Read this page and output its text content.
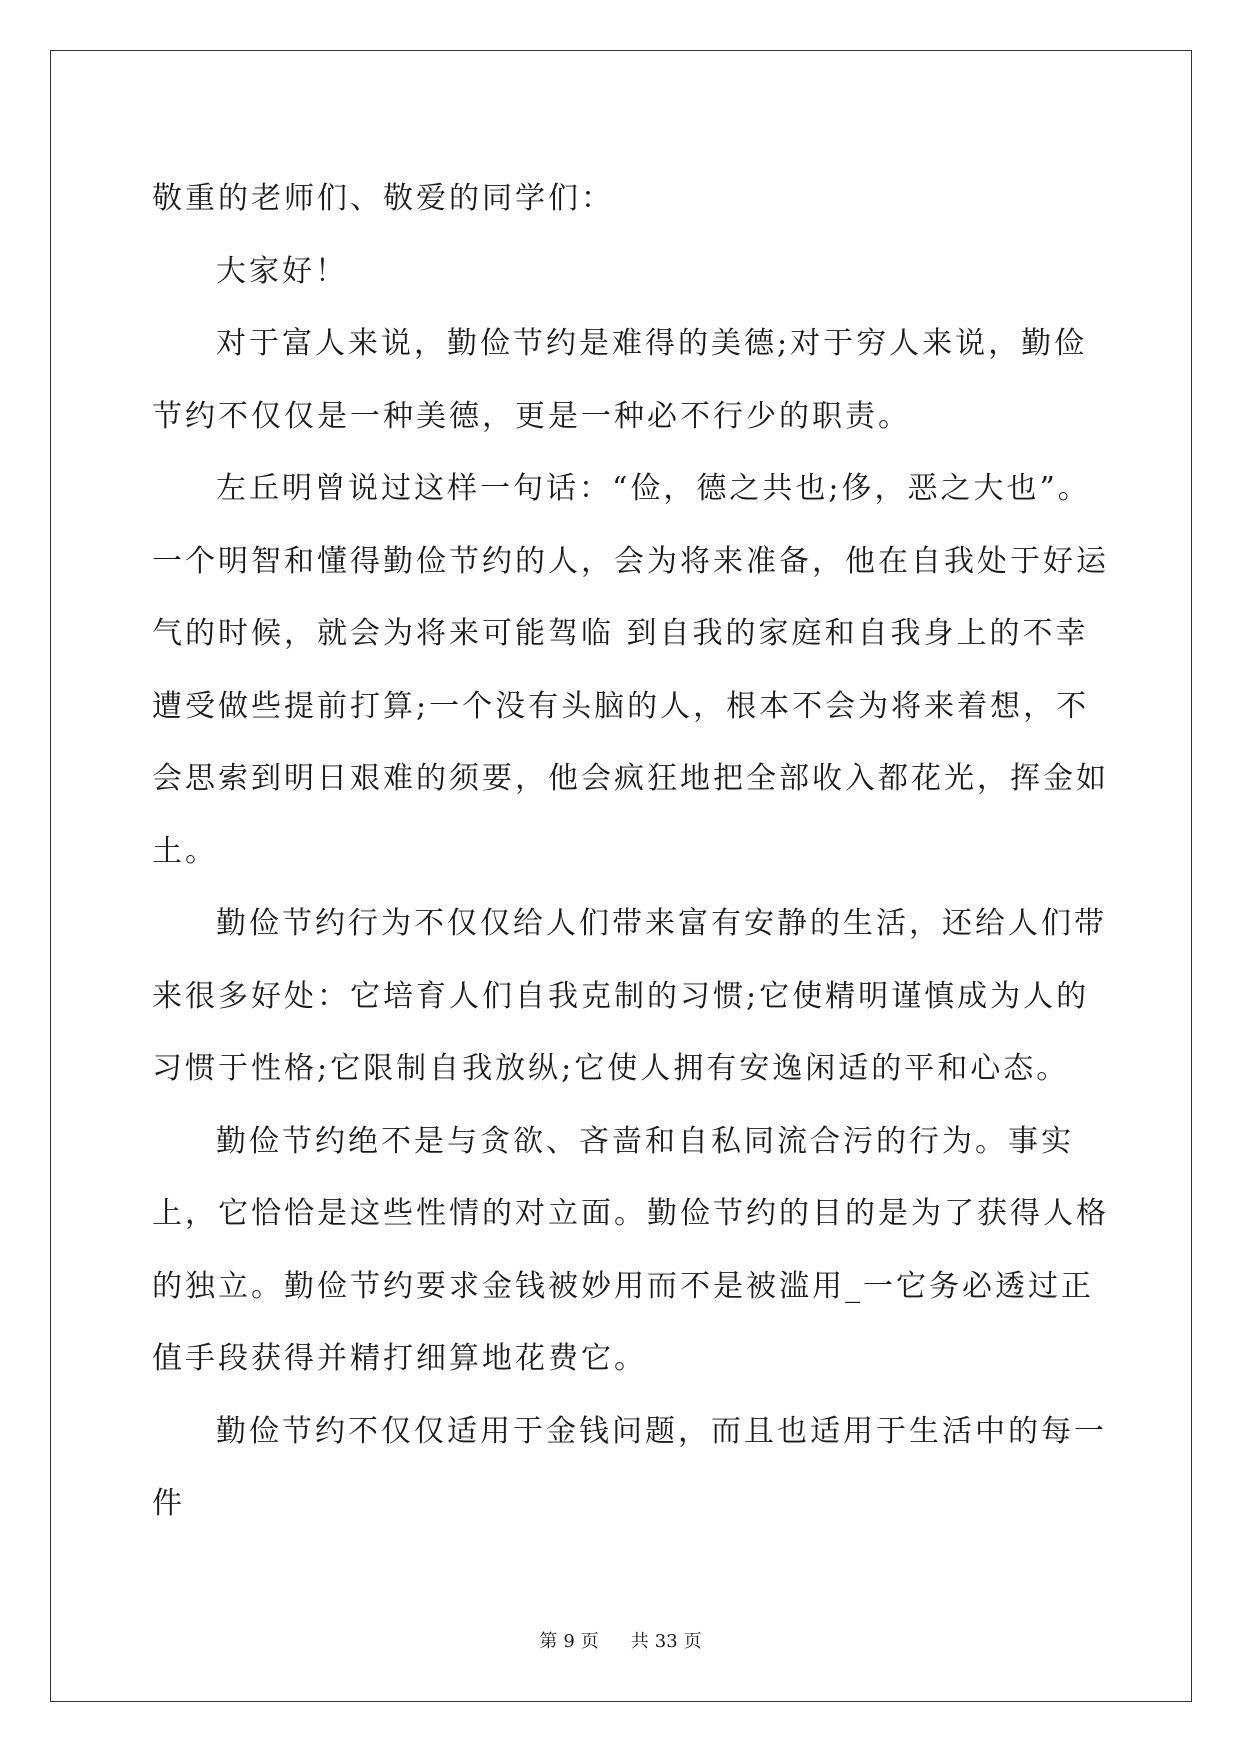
敬重的老师们、敬爱的同学们：

大家好！

对于富人来说，勤俭节约是难得的美德;对于穷人来说，勤俭节约不仅仅是一种美德，更是一种必不行少的职责。

左丘明曾说过这样一句话：“俭，德之共也;侈，恶之大也”。一个明智和懂得勤俭节约的人，会为将来准备，他在自我处于好运气的时候，就会为将来可能驾临 到自我的家庭和自我身上的不幸遭受做些提前打算;一个没有头脑的人，根本不会为将来着想，不会思索到明日艰难的须要，他会疯狂地把全部收入都花光，挥金如土。

勤俭节约行为不仅仅给人们带来富有安静的生活，还给人们带来很多好处：它培育人们自我克制的习惯;它使精明谨慎成为人的习惯于性格;它限制自我放纵;它使人拥有安逸闲适的平和心态。

勤俭节约绝不是与贪欲、吝啬和自私同流合污的行为。事实上，它恰恰是这些性情的对立面。勤俭节约的目的是为了获得人格的独立。勤俭节约要求金钱被妙用而不是被滥用_一它务必透过正值手段获得并精打细算地花费它。

勤俭节约不仅仅适用于金钱问题，而且也适用于生活中的每一件

第 9 页 共 33 页
